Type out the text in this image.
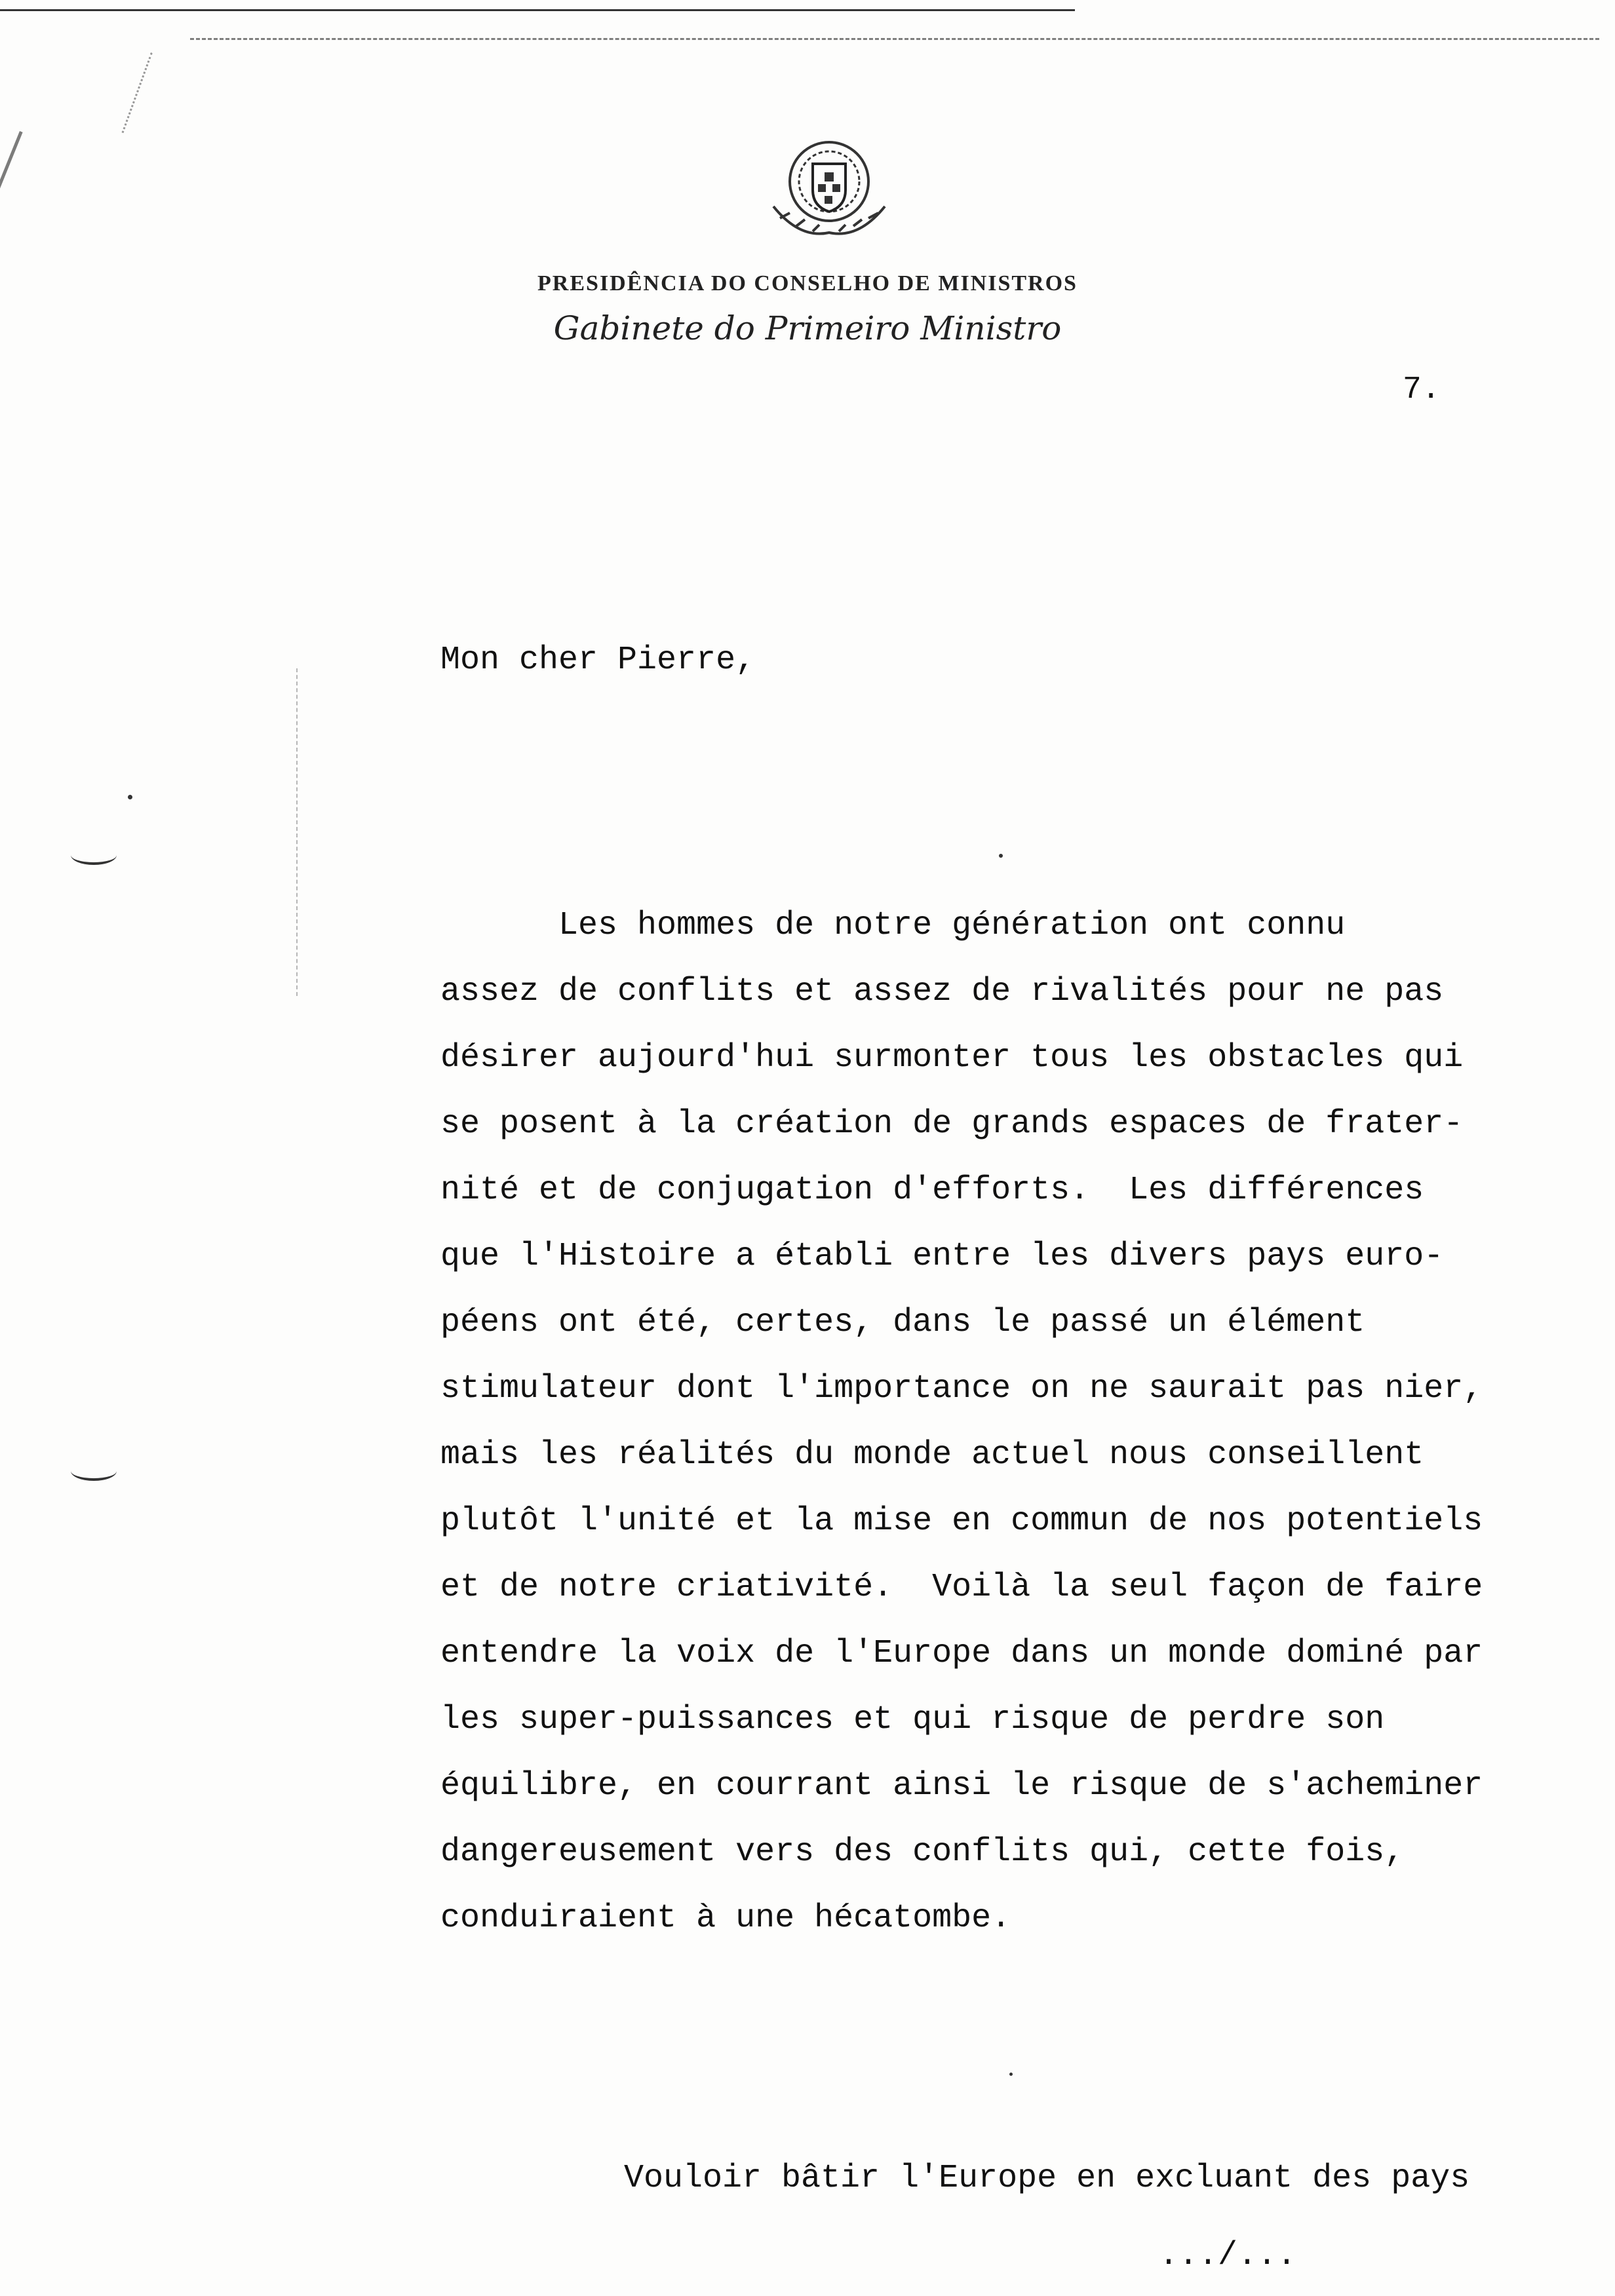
PRESIDÊNCIA DO CONSELHO DE MINISTROS
Gabinete do Primeiro Ministro
7.
Mon cher Pierre,
Les hommes de notre génération ont connu
assez de conflits et assez de rivalités pour ne pas
désirer aujourd'hui surmonter tous les obstacles qui
se posent à la création de grands espaces de frater-
nité et de conjugation d'efforts.  Les différences
que l'Histoire a établi entre les divers pays euro-
péens ont été, certes, dans le passé un élément
stimulateur dont l'importance on ne saurait pas nier,
mais les réalités du monde actuel nous conseillent
plutôt l'unité et la mise en commun de nos potentiels
et de notre criativité.  Voilà la seul façon de faire
entendre la voix de l'Europe dans un monde dominé par
les super-puissances et qui risque de perdre son
équilibre, en courrant ainsi le risque de s'acheminer
dangereusement vers des conflits qui, cette fois,
conduiraient à une hécatombe.
Vouloir bâtir l'Europe en excluant des pays
.../...
